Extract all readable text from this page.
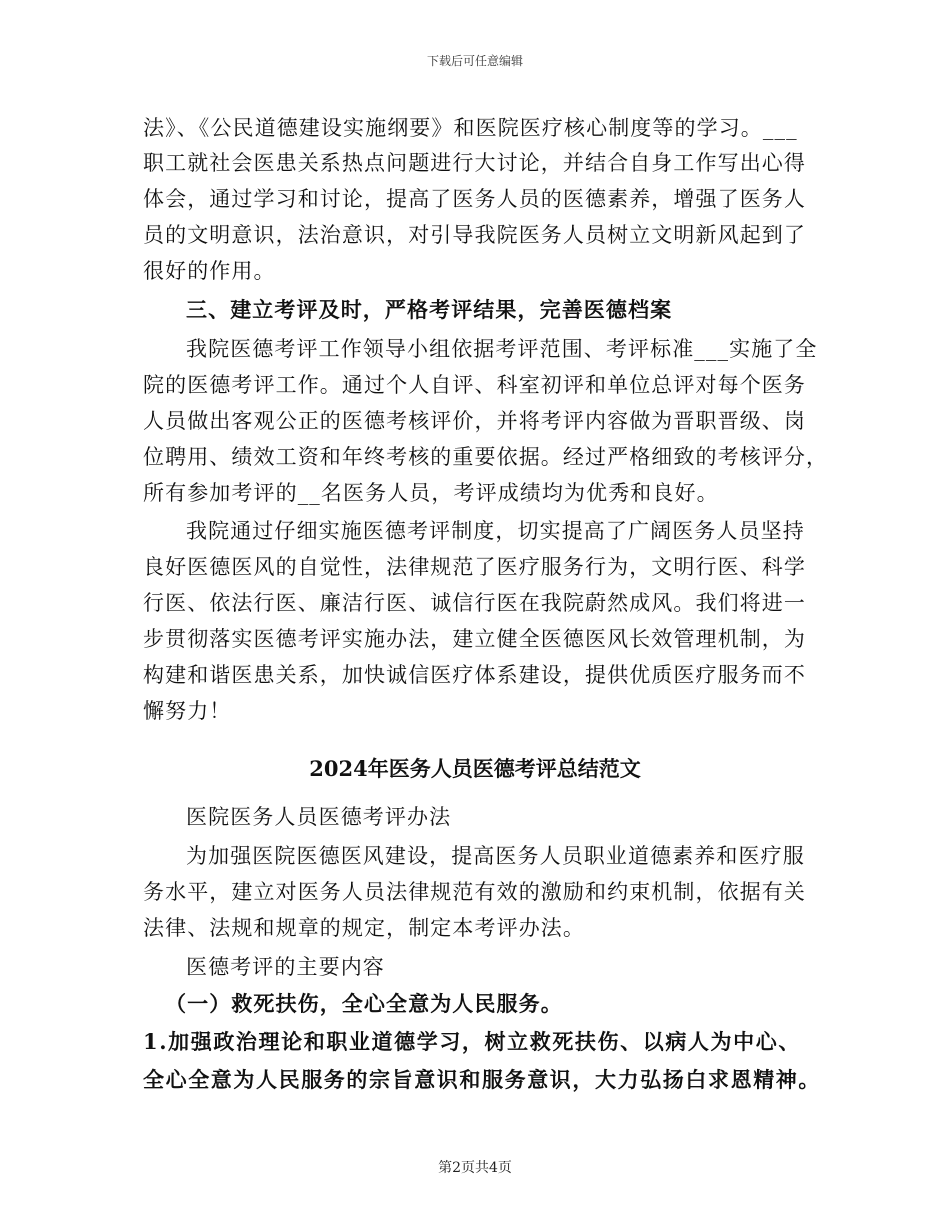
下载后可任意编辑
法》、《公民道德建设实施纲要》和医院医疗核心制度等的学习。___
职工就社会医患关系热点问题进行大讨论，并结合自身工作写出心得
体会，通过学习和讨论，提高了医务人员的医德素养，增强了医务人
员的文明意识，法治意识，对引导我院医务人员树立文明新风起到了
很好的作用。
三、建立考评及时，严格考评结果，完善医德档案
我院医德考评工作领导小组依据考评范围、考评标准___实施了全
院的医德考评工作。通过个人自评、科室初评和单位总评对每个医务
人员做出客观公正的医德考核评价，并将考评内容做为晋职晋级、岗
位聘用、绩效工资和年终考核的重要依据。经过严格细致的考核评分，
所有参加考评的__名医务人员，考评成绩均为优秀和良好。
我院通过仔细实施医德考评制度，切实提高了广阔医务人员坚持
良好医德医风的自觉性，法律规范了医疗服务行为，文明行医、科学
行医、依法行医、廉洁行医、诚信行医在我院蔚然成风。我们将进一
步贯彻落实医德考评实施办法，建立健全医德医风长效管理机制，为
构建和谐医患关系，加快诚信医疗体系建设，提供优质医疗服务而不
懈努力！
2024年医务人员医德考评总结范文
医院医务人员医德考评办法
为加强医院医德医风建设，提高医务人员职业道德素养和医疗服
务水平，建立对医务人员法律规范有效的激励和约束机制，依据有关
法律、法规和规章的规定，制定本考评办法。
医德考评的主要内容
（一）救死扶伤，全心全意为人民服务。
1.加强政治理论和职业道德学习，树立救死扶伤、以病人为中心、
全心全意为人民服务的宗旨意识和服务意识，大力弘扬白求恩精神。
第2页共4页
